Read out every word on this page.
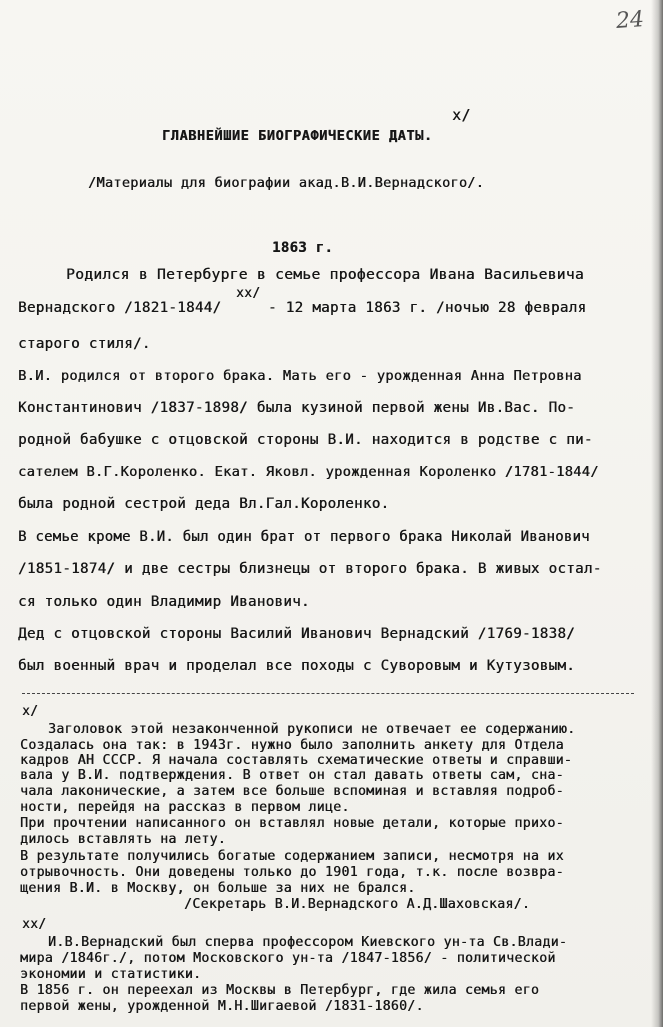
24
ГЛАВНЕЙШИЕ БИОГРАФИЧЕСКИЕ ДАТЫ.
x/
/Материалы для биографии акад.В.И.Вернадского/.
1863 г.
Родился в Петербурге в семье профессора Ивана Васильевича
Вернадского /1821-1844/
xx/
- 12 марта 1863 г. /ночью 28 февраля
старого стиля/.
В.И. родился от второго брака. Мать его - урожденная Анна Петровна
Константинович /1837-1898/ была кузиной первой жены Ив.Вас. По-
родной бабушке с отцовской стороны В.И. находится в родстве с пи-
сателем В.Г.Короленко. Екат. Яковл. урожденная Короленко /1781-1844/
была родной сестрой деда Вл.Гал.Короленко.
В семье кроме В.И. был один брат от первого брака Николай Иванович
/1851-1874/ и две сестры близнецы от второго брака. В живых остал-
ся только один Владимир Иванович.
Дед с отцовской стороны Василий Иванович Вернадский /1769-1838/
был военный врач и проделал все походы с Суворовым и Кутузовым.
x/
Заголовок этой незаконченной рукописи не отвечает ее содержанию.
Создалась она так: в 1943г. нужно было заполнить анкету для Отдела
кадров АН СССР. Я начала составлять схематические ответы и справши-
вала у В.И. подтверждения. В ответ он стал давать ответы сам, сна-
чала лаконические, а затем все больше вспоминая и вставляя подроб-
ности, перейдя на рассказ в первом лице.
При прочтении написанного он вставлял новые детали, которые прихо-
дилось вставлять на лету.
В результате получились богатые содержанием записи, несмотря на их
отрывочность. Они доведены только до 1901 года, т.к. после возвра-
щения В.И. в Москву, он больше за них не брался.
/Секретарь В.И.Вернадского А.Д.Шаховская/.
xx/
И.В.Вернадский был сперва профессором Киевского ун-та Св.Влади-
мира /1846г./, потом Московского ун-та /1847-1856/ - политической
экономии и статистики.
В 1856 г. он переехал из Москвы в Петербург, где жила семья его
первой жены, урожденной М.Н.Шигаевой /1831-1860/.
